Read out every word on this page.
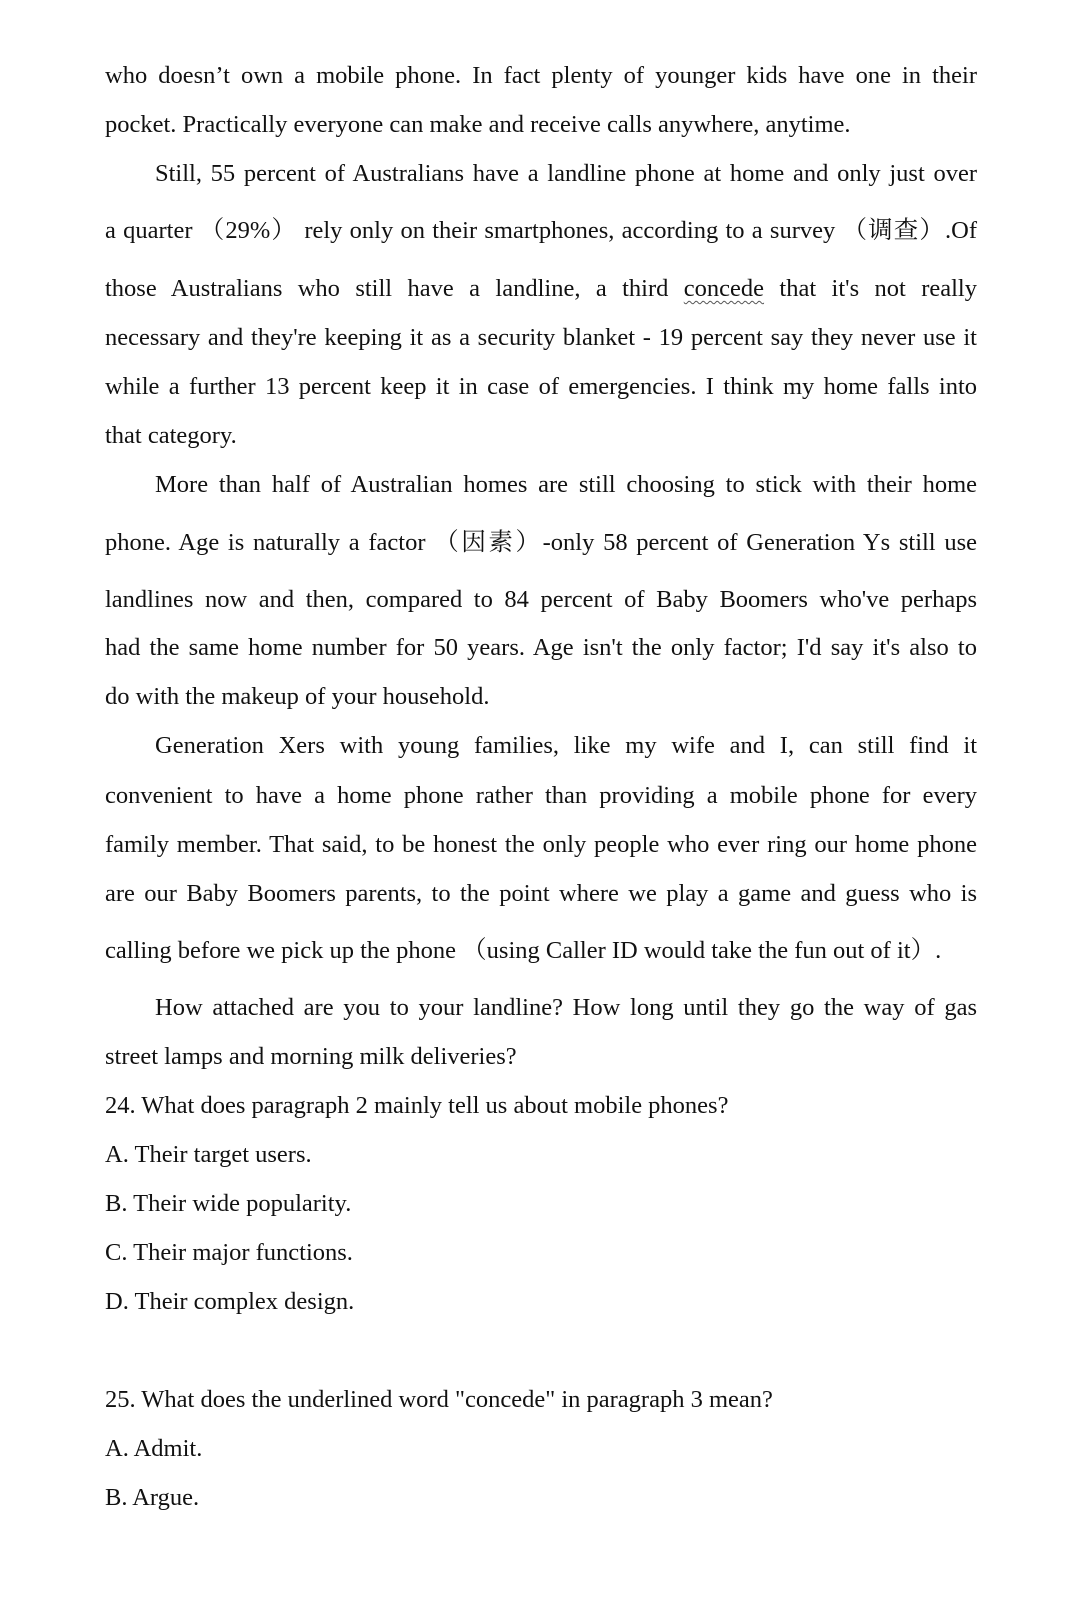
who doesn’t own a mobile phone. In fact plenty of younger kids have one in their
pocket. Practically everyone can make and receive calls anywhere, anytime.
Still, 55 percent of Australians have a landline phone at home and only just over
a quarter （29%） rely only on their smartphones, according to a survey （调查）.Of
those Australians who still have a landline, a third concede that it's not really
necessary and they're keeping it as a security blanket - 19 percent say they never use it
while a further 13 percent keep it in case of emergencies. I think my home falls into
that category.
More than half of Australian homes are still choosing to stick with their home
phone. Age is naturally a factor （因素）-only 58 percent of Generation Ys still use
landlines now and then, compared to 84 percent of Baby Boomers who've perhaps
had the same home number for 50 years. Age isn't the only factor; I'd say it's also to
do with the makeup of your household.
Generation Xers with young families, like my wife and I, can still find it
convenient to have a home phone rather than providing a mobile phone for every
family member. That said, to be honest the only people who ever ring our home phone
are our Baby Boomers parents, to the point where we play a game and guess who is
calling before we pick up the phone （using Caller ID would take the fun out of it）.
How attached are you to your landline? How long until they go the way of gas
street lamps and morning milk deliveries?
24. What does paragraph 2 mainly tell us about mobile phones?
A. Their target users.
B. Their wide popularity.
C. Their major functions.
D. Their complex design.
25. What does the underlined word "concede" in paragraph 3 mean?
A. Admit.
B. Argue.
